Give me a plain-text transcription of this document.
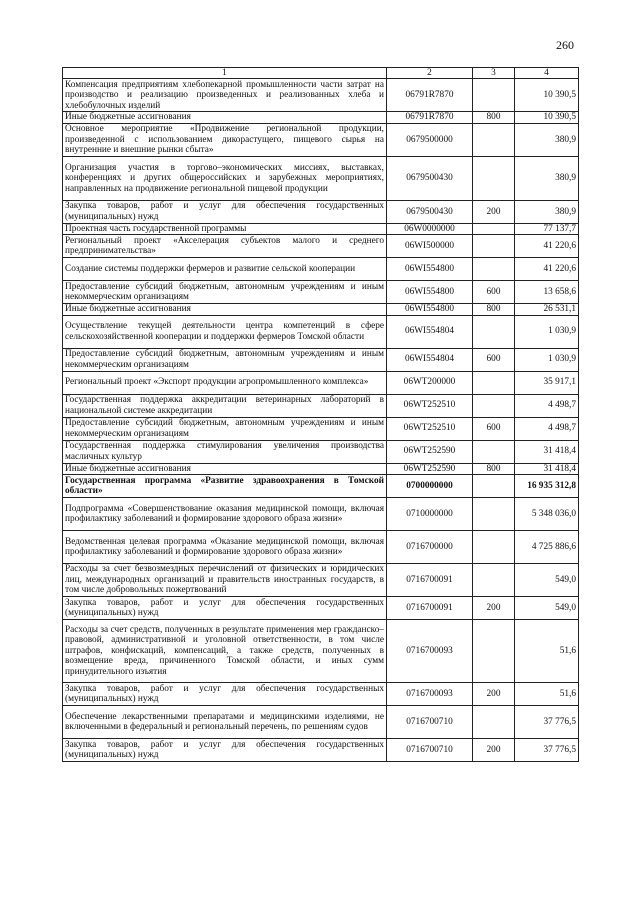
260
1	2	3	4
Компенсация предприятиям хлебопекарной промышленности части затрат на производство и реализацию произведенных и реализованных хлеба и хлебобулочных изделий	06791R7870		10 390,5
Иные бюджетные ассигнования	06791R7870	800	10 390,5
Основное мероприятие «Продвижение региональной продукции, произведенной с использованием дикорастущего, пищевого сырья на внутренние и внешние рынки сбыта»	0679500000		380,9
Организация участия в торгово–экономических миссиях, выставках, конференциях и других общероссийских и зарубежных мероприятиях, направленных на продвижение региональной пищевой продукции	0679500430		380,9
Закупка товаров, работ и услуг для обеспечения государственных (муниципальных) нужд	0679500430	200	380,9
Проектная часть государственной программы	06W0000000		77 137,7
Региональный проект «Акселерация субъектов малого и среднего предпринимательства»	06WI500000		41 220,6
Создание системы поддержки фермеров и развитие сельской кооперации	06WI554800		41 220,6
Предоставление субсидий бюджетным, автономным учреждениям и иным некоммерческим организациям	06WI554800	600	13 658,6
Иные бюджетные ассигнования	06WI554800	800	26 531,1
Осуществление текущей деятельности центра компетенций в сфере сельскохозяйственной кооперации и поддержки фермеров Томской области	06WI554804		1 030,9
Предоставление субсидий бюджетным, автономным учреждениям и иным некоммерческим организациям	06WI554804	600	1 030,9
Региональный проект «Экспорт продукции агропромышленного комплекса»	06WT200000		35 917,1
Государственная поддержка аккредитации ветеринарных лабораторий в национальной системе аккредитации	06WT252510		4 498,7
Предоставление субсидий бюджетным, автономным учреждениям и иным некоммерческим организациям	06WT252510	600	4 498,7
Государственная поддержка стимулирования увеличения производства масличных культур	06WT252590		31 418,4
Иные бюджетные ассигнования	06WT252590	800	31 418,4
Государственная программа «Развитие здравоохранения в Томской области»	0700000000		16 935 312,8
Подпрограмма «Совершенствование оказания медицинской помощи, включая профилактику заболеваний и формирование здорового образа жизни»	0710000000		5 348 036,0
Ведомственная целевая программа «Оказание медицинской помощи, включая профилактику заболеваний и формирование здорового образа жизни»	0716700000		4 725 886,6
Расходы за счет безвозмездных перечислений от физических и юридических лиц, международных организаций и правительств иностранных государств, в том числе добровольных пожертвований	0716700091		549,0
Закупка товаров, работ и услуг для обеспечения государственных (муниципальных) нужд	0716700091	200	549,0
Расходы за счет средств, полученных в результате применения мер гражданско–правовой, административной и уголовной ответственности, в том числе штрафов, конфискаций, компенсаций, а также средств, полученных в возмещение вреда, причиненного Томской области, и иных сумм принудительного изъятия	0716700093		51,6
Закупка товаров, работ и услуг для обеспечения государственных (муниципальных) нужд	0716700093	200	51,6
Обеспечение лекарственными препаратами и медицинскими изделиями, не включенными в федеральный и региональный перечень, по решениям судов	0716700710		37 776,5
Закупка товаров, работ и услуг для обеспечения государственных (муниципальных) нужд	0716700710	200	37 776,5
